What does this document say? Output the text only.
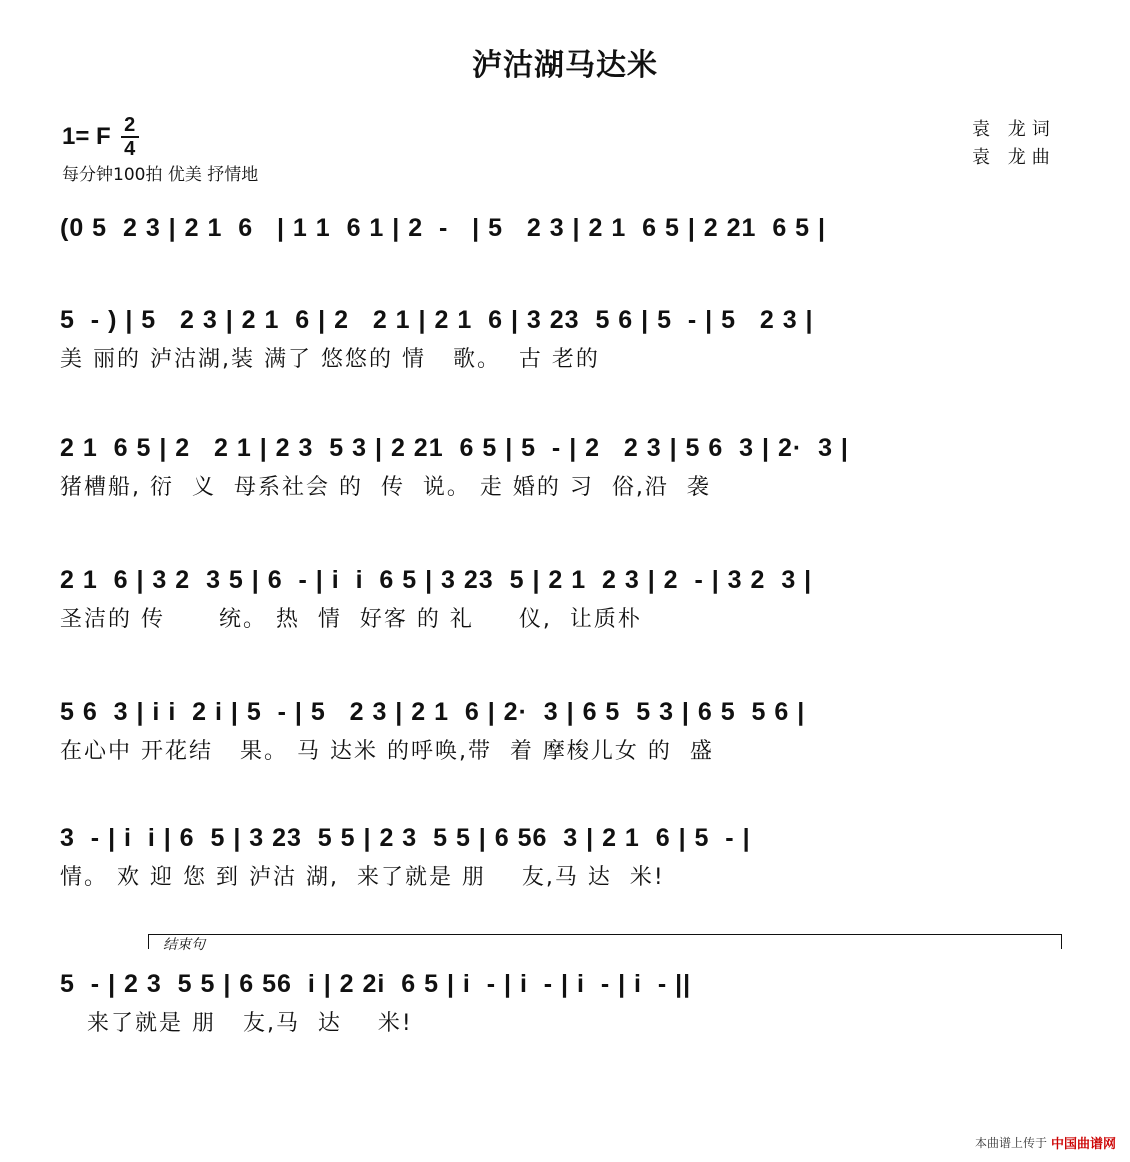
泸沽湖马达米
1= F 2
4
每分钟100拍 优美 抒情地
袁 龙词
袁 龙曲
(0 5  2 3 | 2 1  6   | 1 1  6 1 | 2  -   | 5   2 3 | 2 1  6 5 | 2 21  6 5 |
5  - ) | 5   2 3 | 2 1  6 | 2   2 1 | 2 1  6 | 3 23  5 6 | 5  - | 5   2 3 |
美 丽的 泸沽湖,装 满了 悠悠的 情   歌。  古 老的
2 1  6 5 | 2   2 1 | 2 3  5 3 | 2 21  6 5 | 5  - | 2   2 3 | 5 6  3 | 2·  3 |
猪槽船, 衍  义  母系社会 的  传  说。 走 婚的 习  俗,沿  袭
2 1  6 | 3 2  3 5 | 6  - | i  i  6 5 | 3 23  5 | 2 1  2 3 | 2  - | 3 2  3 |
圣洁的 传      统。 热  情  好客 的 礼     仪,  让质朴
5 6  3 | i i  2 i | 5  - | 5   2 3 | 2 1  6 | 2·  3 | 6 5  5 3 | 6 5  5 6 |
在心中 开花结   果。 马 达米 的呼唤,带  着 摩梭儿女 的  盛
3  - | i  i | 6  5 | 3 23  5 5 | 2 3  5 5 | 6 56  3 | 2 1  6 | 5  - |
情。 欢 迎 您 到 泸沽 湖,  来了就是 朋    友,马 达  米!
结束句
5  - | 2 3  5 5 | 6 56  i | 2 2i  6 5 | i  - | i  - | i  - | i  - ||
来了就是 朋   友,马  达    米!
本曲谱上传于 中国曲谱网
